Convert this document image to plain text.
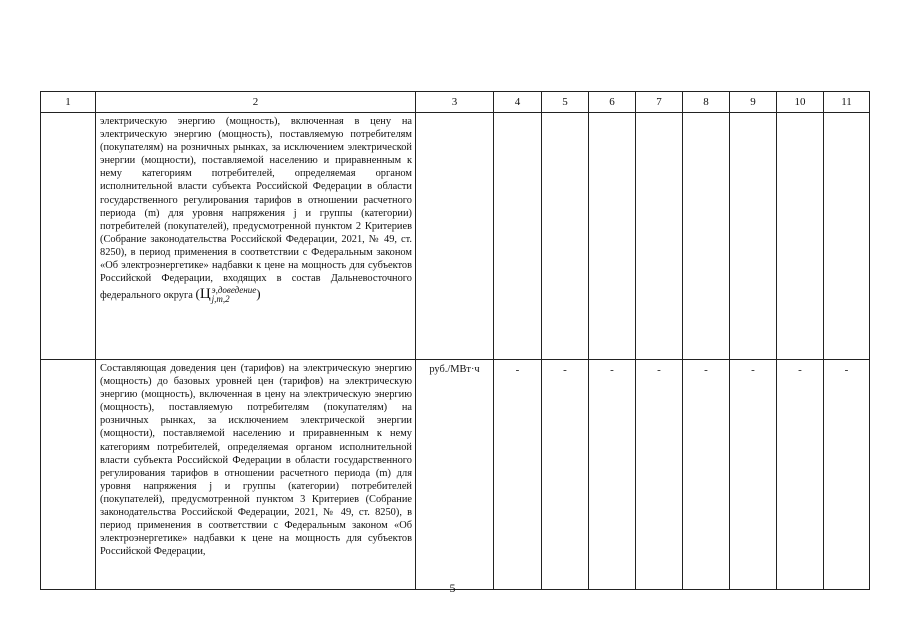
1	2	3	4	5	6	7	8	9	10	11

	электрическую энергию (мощность), включенная в цену на электрическую энергию (мощность), поставляемую потребителям (покупателям) на розничных рынках, за исключением электрической энергии (мощности), поставляемой населению и приравненным к нему категориям потребителей, определяемая органом исполнительной власти субъекта Российской Федерации в области государственного регулирования тарифов в отношении расчетного периода (m) для уровня напряжения j и группы (категории) потребителей (покупателей), предусмотренной пунктом 2 Критериев (Собрание законодательства Российской Федерации, 2021, № 49, ст. 8250), в период применения в соответствии с Федеральным законом «Об электроэнергетике» надбавки к цене на мощность для субъектов Российской Федерации, входящих в состав Дальневосточного федерального округа (Ц э,доведение
j,m,2 )									

	Составляющая доведения цен (тарифов) на электрическую энергию (мощность) до базовых уровней цен (тарифов) на электрическую энергию (мощность), включенная в цену на электрическую энергию (мощность), поставляемую потребителям (покупателям) на розничных рынках, за исключением электрической энергии (мощности), поставляемой населению и приравненным к нему категориям потребителей, определяемая органом исполнительной власти субъекта Российской Федерации в области государственного регулирования тарифов в отношении расчетного периода (m) для уровня напряжения j и группы (категории) потребителей (покупателей), предусмотренной пунктом 3 Критериев (Собрание законодательства Российской Федерации, 2021, № 49, ст. 8250), в период применения в соответствии с Федеральным законом «Об электроэнергетике» надбавки к цене на мощность для субъектов Российской Федерации,	руб./МВт·ч	-	-	-	-	-	-	-	-
5
